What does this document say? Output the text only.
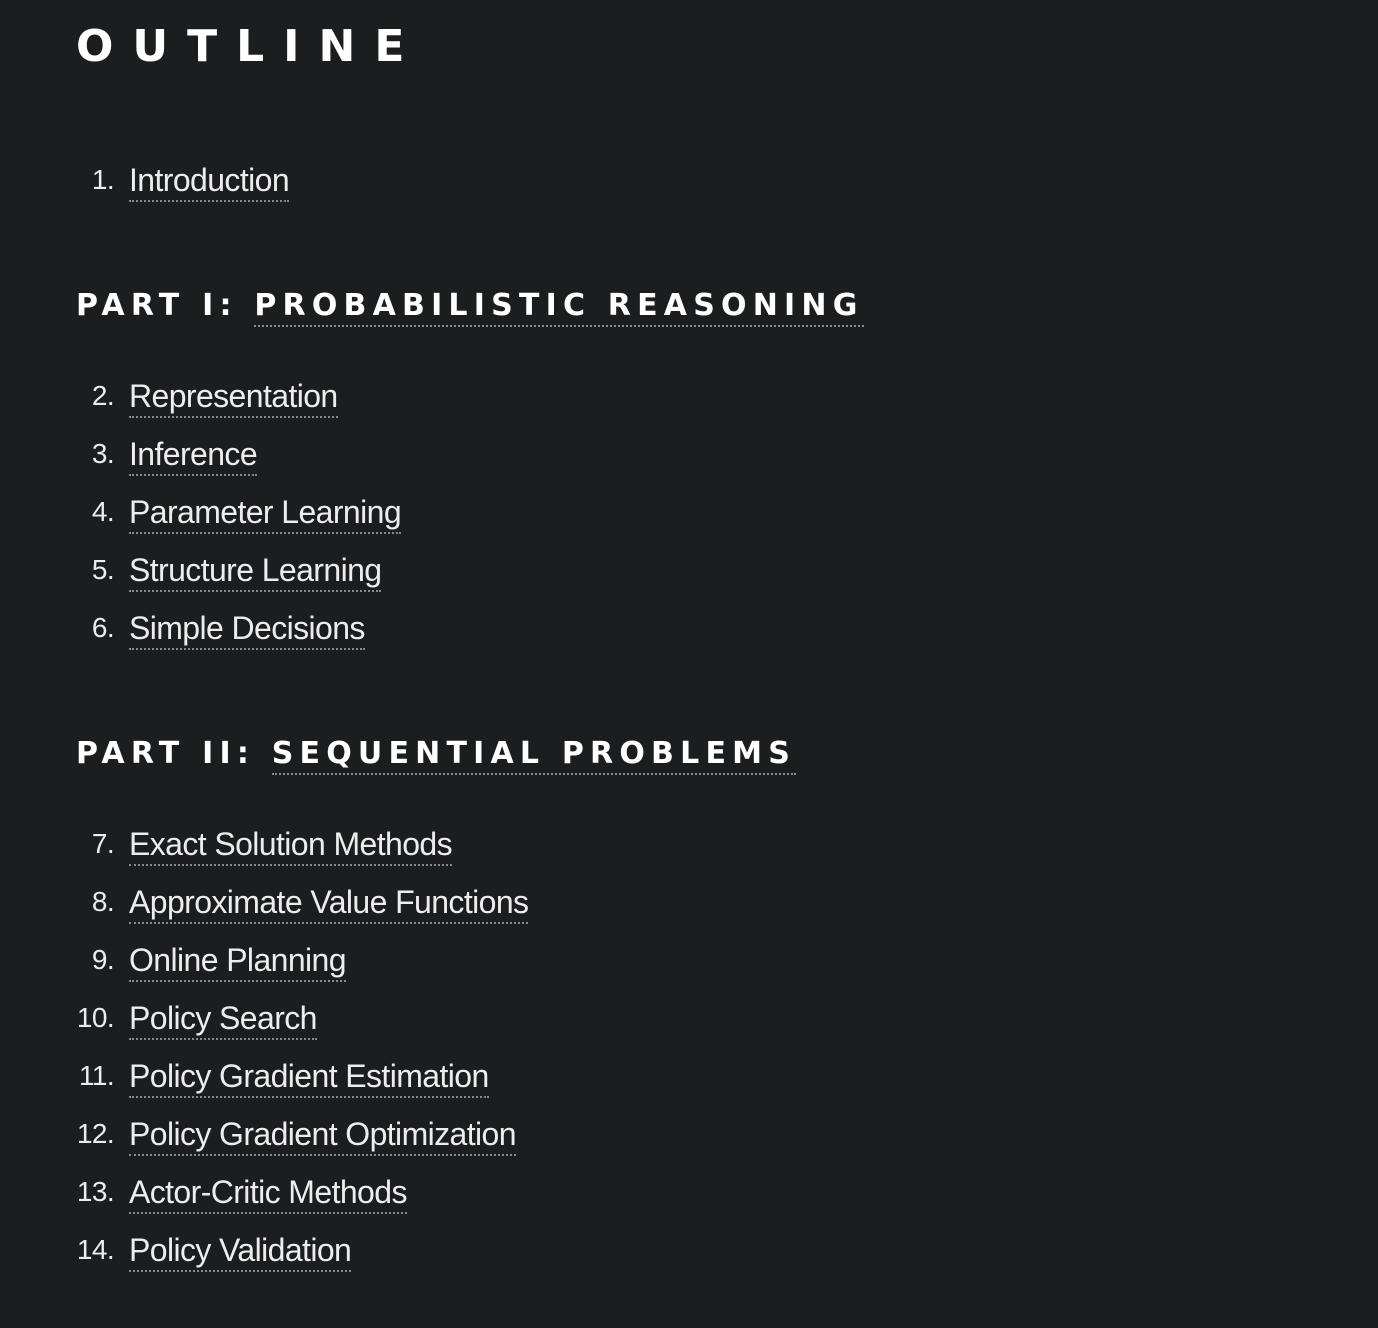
OUTLINE
1. Introduction
PART I: PROBABILISTIC REASONING
2. Representation
3. Inference
4. Parameter Learning
5. Structure Learning
6. Simple Decisions
PART II: SEQUENTIAL PROBLEMS
7. Exact Solution Methods
8. Approximate Value Functions
9. Online Planning
10. Policy Search
11. Policy Gradient Estimation
12. Policy Gradient Optimization
13. Actor-Critic Methods
14. Policy Validation
